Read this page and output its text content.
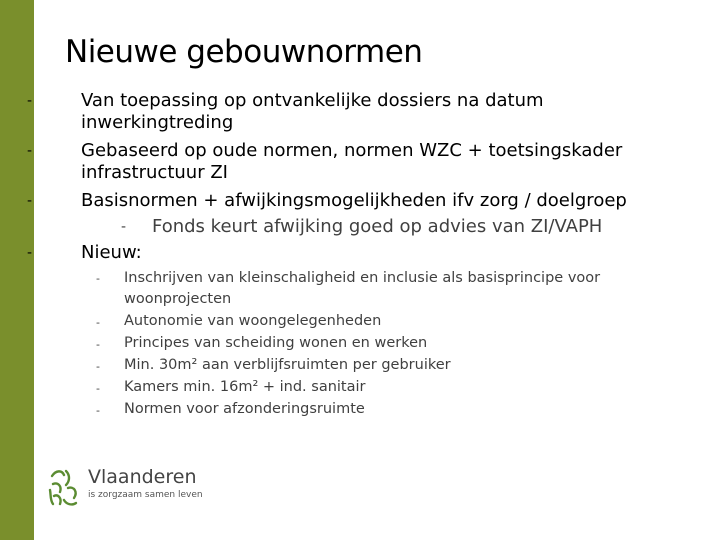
Nieuwe gebouwnormen
-	Van toepassing op ontvankelijke dossiers na datum
inwerkingtreding
-	Gebaseerd op oude normen, normen WZC + toetsingskader
infrastructuur ZI
-	Basisnormen + afwijkingsmogelijkheden ifv zorg / doelgroep
- Fonds keurt afwijking goed op advies van ZI/VAPH
-	Nieuw:
- Inschrijven van kleinschaligheid en inclusie als basisprincipe voor
woonprojecten
- Autonomie van woongelegenheden
- Principes van scheiding wonen en werken
- Min. 30m² aan verblijfsruimten per gebruiker
- Kamers min. 16m² + ind. sanitair
- Normen voor afzonderingsruimte
Vlaanderen
is zorgzaam samen leven
